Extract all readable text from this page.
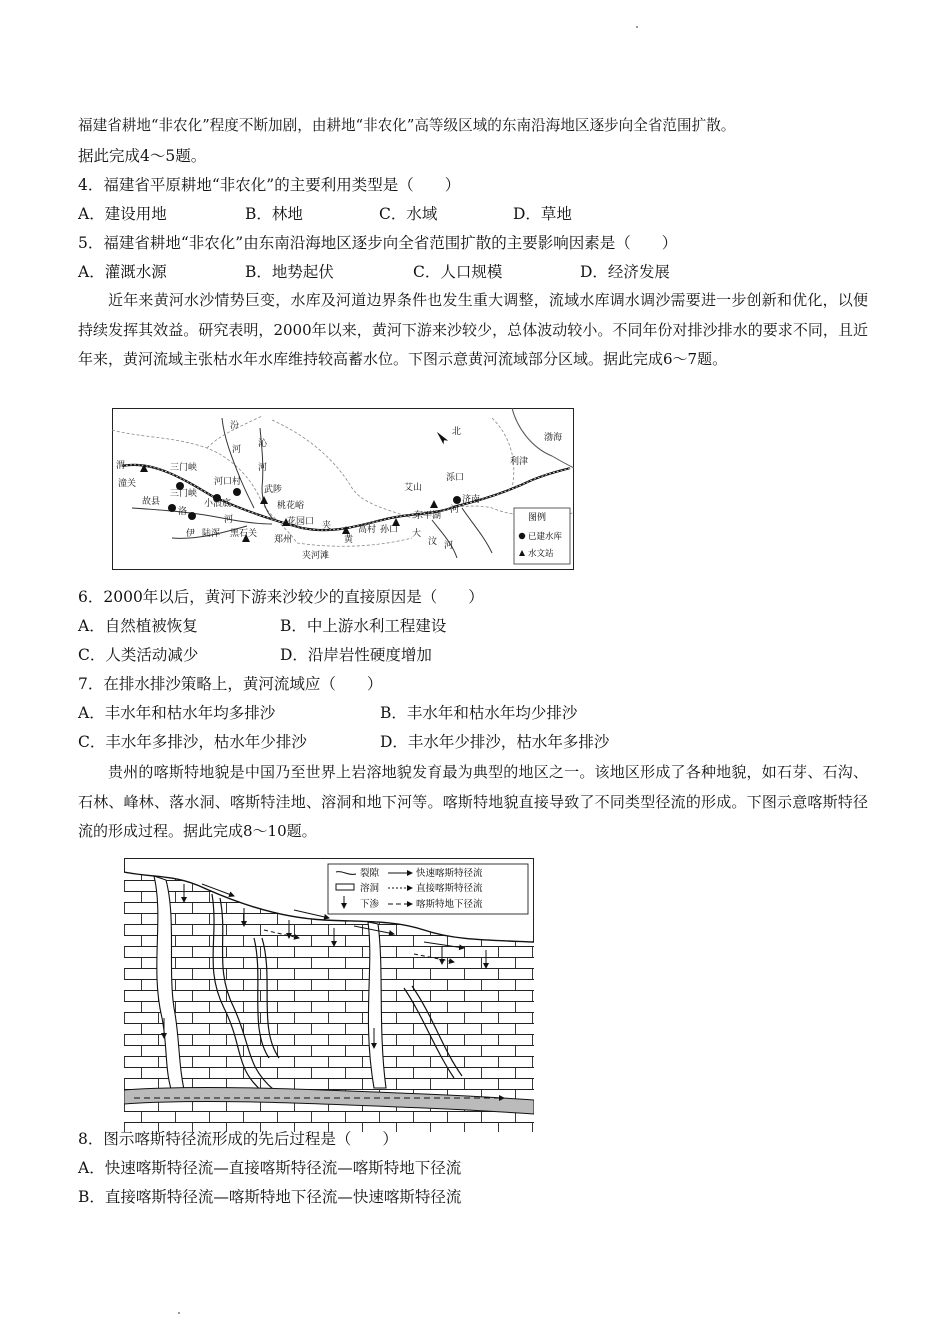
福建省耕地“非农化”程度不断加剧，由耕地“非农化”高等级区域的东南沿海地区逐步向全省范围扩散。
据此完成4～5题。
4．福建省平原耕地“非农化”的主要利用类型是（　　）
A．建设用地	B．林地	C．水域	D．草地
5．福建省耕地“非农化”由东南沿海地区逐步向全省范围扩散的主要影响因素是（　　）
A．灌溉水源	B．地势起伏	C．人口规模	D．经济发展
近年来黄河水沙情势巨变，水库及河道边界条件也发生重大调整，流域水库调水调沙需要进一步创新和优化，以便持续发挥其效益。研究表明，2000年以来，黄河下游来沙较少，总体波动较小。不同年份对排沙排水的要求不同，且近年来，黄河流域主张枯水年水库维持较高蓄水位。下图示意黄河流域部分区域。据此完成6～7题。
北
汾
河
沁
河
渭
潼关
三门峡
三门峡
河口村
小浪底
武陟
桃花峪
花园口
故县
洛
河
伊 陆浑 黑石关
郑州
夹河滩
夹
黄
高村 孙口
东平湖
大
汶 河
艾山
泺口
济南
河
利津
渤海
图例
已建水库
水文站
6．2000年以后，黄河下游来沙较少的直接原因是（　　）
A．自然植被恢复	B．中上游水利工程建设
C．人类活动减少	D．沿岸岩性硬度增加
7．在排水排沙策略上，黄河流域应（　　）
A．丰水年和枯水年均多排沙	B．丰水年和枯水年均少排沙
C．丰水年多排沙，枯水年少排沙	D．丰水年少排沙，枯水年多排沙
贵州的喀斯特地貌是中国乃至世界上岩溶地貌发育最为典型的地区之一。该地区形成了各种地貌，如石芽、石沟、石林、峰林、落水洞、喀斯特洼地、溶洞和地下河等。喀斯特地貌直接导致了不同类型径流的形成。下图示意喀斯特径流的形成过程。据此完成8～10题。
裂隙
溶洞
下渗
快速喀斯特径流
直接喀斯特径流
喀斯特地下径流
8．图示喀斯特径流形成的先后过程是（　　）
A．快速喀斯特径流—直接喀斯特径流—喀斯特地下径流
B．直接喀斯特径流—喀斯特地下径流—快速喀斯特径流
